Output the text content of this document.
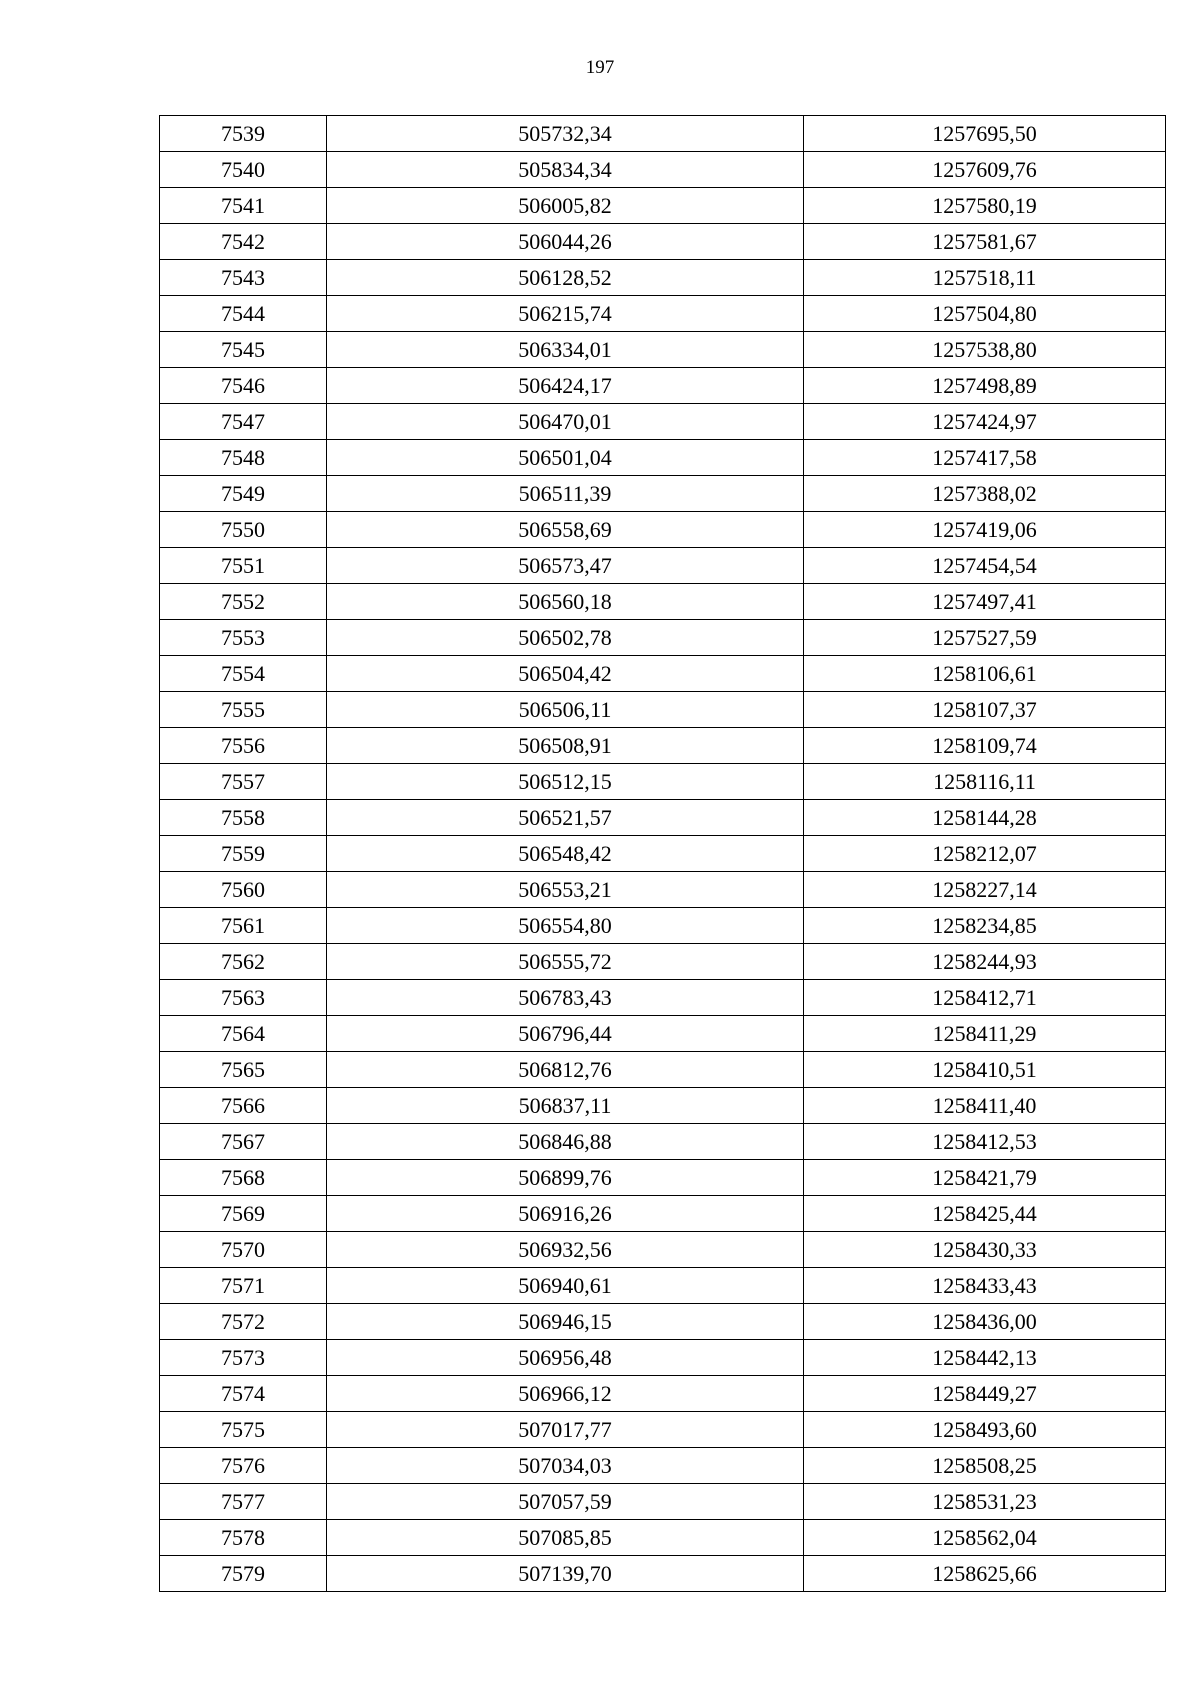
197
7539	505732,34	1257695,50
7540	505834,34	1257609,76
7541	506005,82	1257580,19
7542	506044,26	1257581,67
7543	506128,52	1257518,11
7544	506215,74	1257504,80
7545	506334,01	1257538,80
7546	506424,17	1257498,89
7547	506470,01	1257424,97
7548	506501,04	1257417,58
7549	506511,39	1257388,02
7550	506558,69	1257419,06
7551	506573,47	1257454,54
7552	506560,18	1257497,41
7553	506502,78	1257527,59
7554	506504,42	1258106,61
7555	506506,11	1258107,37
7556	506508,91	1258109,74
7557	506512,15	1258116,11
7558	506521,57	1258144,28
7559	506548,42	1258212,07
7560	506553,21	1258227,14
7561	506554,80	1258234,85
7562	506555,72	1258244,93
7563	506783,43	1258412,71
7564	506796,44	1258411,29
7565	506812,76	1258410,51
7566	506837,11	1258411,40
7567	506846,88	1258412,53
7568	506899,76	1258421,79
7569	506916,26	1258425,44
7570	506932,56	1258430,33
7571	506940,61	1258433,43
7572	506946,15	1258436,00
7573	506956,48	1258442,13
7574	506966,12	1258449,27
7575	507017,77	1258493,60
7576	507034,03	1258508,25
7577	507057,59	1258531,23
7578	507085,85	1258562,04
7579	507139,70	1258625,66
